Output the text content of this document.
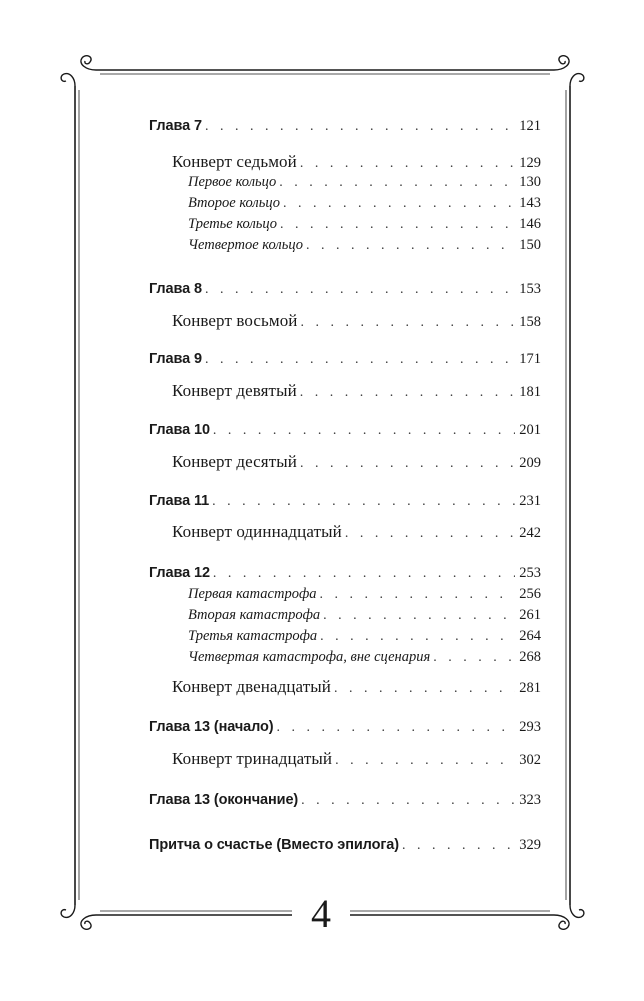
Глава 7 . . .	121
Конверт седьмой . . .	129
Первое кольцо . . .	130
Второе кольцо . . .	143
Третье кольцо . . .	146
Четвертое кольцо . . .	150
Глава 8 . . .	153
Конверт восьмой . . .	158
Глава 9 . . .	171
Конверт девятый . . .	181
Глава 10 . . .	201
Конверт десятый . . .	209
Глава 11 . . .	231
Конверт одиннадцатый . . .	242
Глава 12 . . .	253
Первая катастрофа . . .	256
Вторая катастрофа . . .	261
Третья катастрофа . . .	264
Четвертая катастрофа, вне сценария . . .	268
Конверт двенадцатый . . .	281
Глава 13 (начало) . . .	293
Конверт тринадцатый . . .	302
Глава 13 (окончание) . . .	323
Притча о счастье (Вместо эпилога) . . .	329
4
